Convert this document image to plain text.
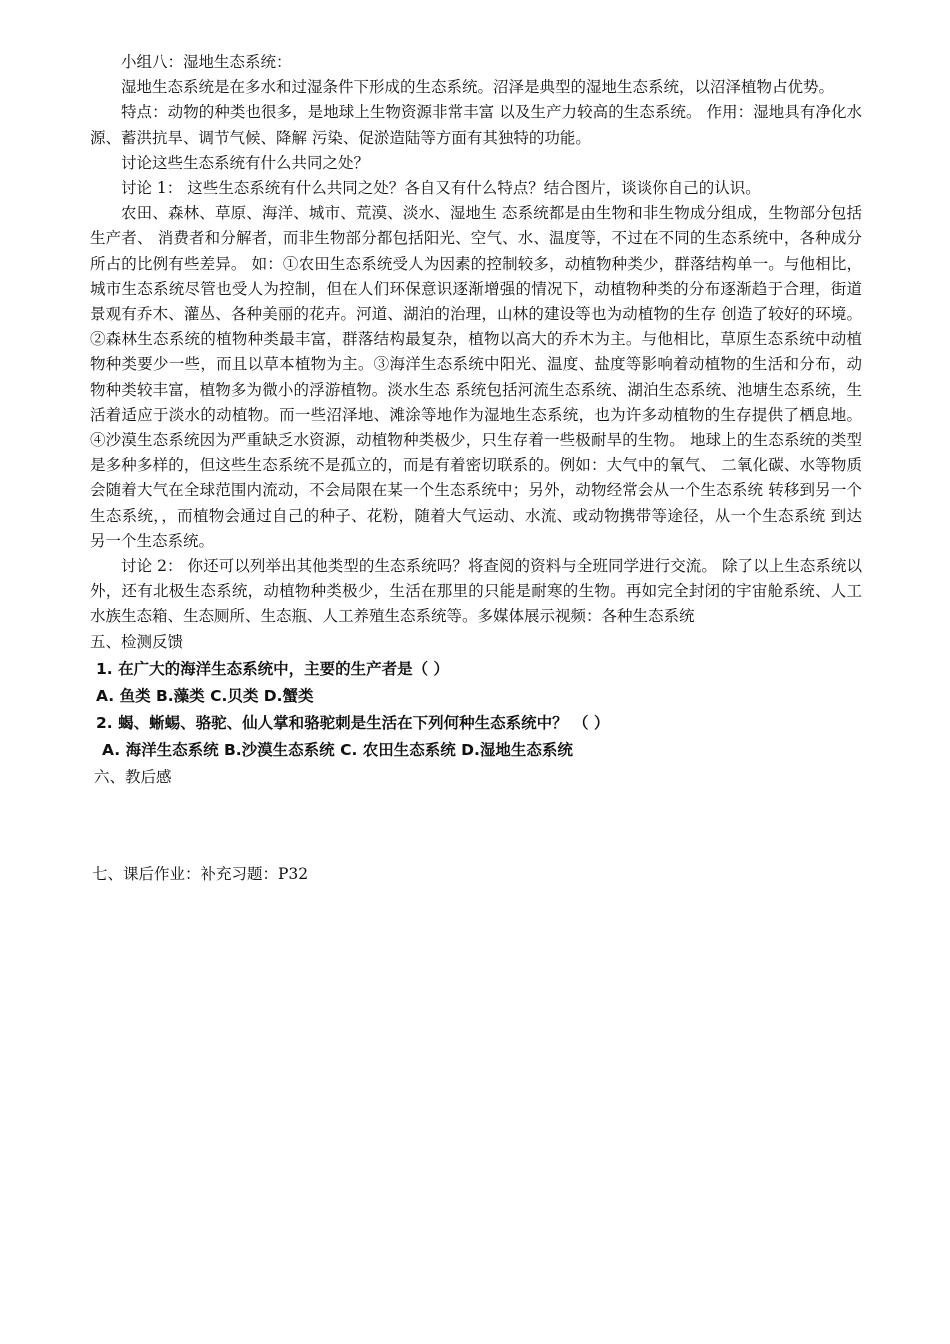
小组八：湿地生态系统：

湿地生态系统是在多水和过湿条件下形成的生态系统。沼泽是典型的湿地生态系统，以沼泽植物占优势。

特点：动物的种类也很多，是地球上生物资源非常丰富 以及生产力较高的生态系统。 作用：湿地具有净化水源、蓄洪抗旱、调节气候、降解 污染、促淤造陆等方面有其独特的功能。

讨论这些生态系统有什么共同之处？

讨论 1： 这些生态系统有什么共同之处？各自又有什么特点？结合图片，谈谈你自己的认识。

农田、森林、草原、海洋、城市、荒漠、淡水、湿地生 态系统都是由生物和非生物成分组成，生物部分包括生产者、 消费者和分解者，而非生物部分都包括阳光、空气、水、温度等，不过在不同的生态系统中，各种成分所占的比例有些差异。 如：①农田生态系统受人为因素的控制较多，动植物种类少，群落结构单一。与他相比，城市生态系统尽管也受人为控制，但在人们环保意识逐渐增强的情况下，动植物种类的分布逐渐趋于合理，街道景观有乔木、灌丛、各种美丽的花卉。河道、湖泊的治理，山林的建设等也为动植物的生存 创造了较好的环境。②森林生态系统的植物种类最丰富，群落结构最复杂，植物以高大的乔木为主。与他相比，草原生态系统中动植物种类要少一些，而且以草本植物为主。③海洋生态系统中阳光、温度、盐度等影响着动植物的生活和分布，动物种类较丰富，植物多为微小的浮游植物。淡水生态 系统包括河流生态系统、湖泊生态系统、池塘生态系统，生活着适应于淡水的动植物。而一些沼泽地、滩涂等地作为湿地生态系统，也为许多动植物的生存提供了栖息地。④沙漠生态系统因为严重缺乏水资源，动植物种类极少，只生存着一些极耐旱的生物。 地球上的生态系统的类型是多种多样的，但这些生态系统不是孤立的，而是有着密切联系的。例如：大气中的氧气、 二氧化碳、水等物质会随着大气在全球范围内流动，不会局限在某一个生态系统中；另外，动物经常会从一个生态系统 转移到另一个生态系统，，而植物会通过自己的种子、花粉，随着大气运动、水流、或动物携带等途径，从一个生态系统 到达另一个生态系统。

讨论 2： 你还可以列举出其他类型的生态系统吗？将查阅的资料与全班同学进行交流。 除了以上生态系统以外，还有北极生态系统，动植物种类极少，生活在那里的只能是耐寒的生物。再如完全封闭的宇宙舱系统、人工水族生态箱、生态厕所、生态瓶、人工养殖生态系统等。多媒体展示视频：各种生态系统

五、检测反馈

1. 在广大的海洋生态系统中，主要的生产者是（ ）

A. 鱼类 B.藻类 C.贝类 D.蟹类

2. 蝎、蜥蜴、骆驼、仙人掌和骆驼刺是生活在下列何种生态系统中？ （ ）

A. 海洋生态系统 B.沙漠生态系统 C. 农田生态系统 D.湿地生态系统

六、教后感

七、课后作业：补充习题：P32
